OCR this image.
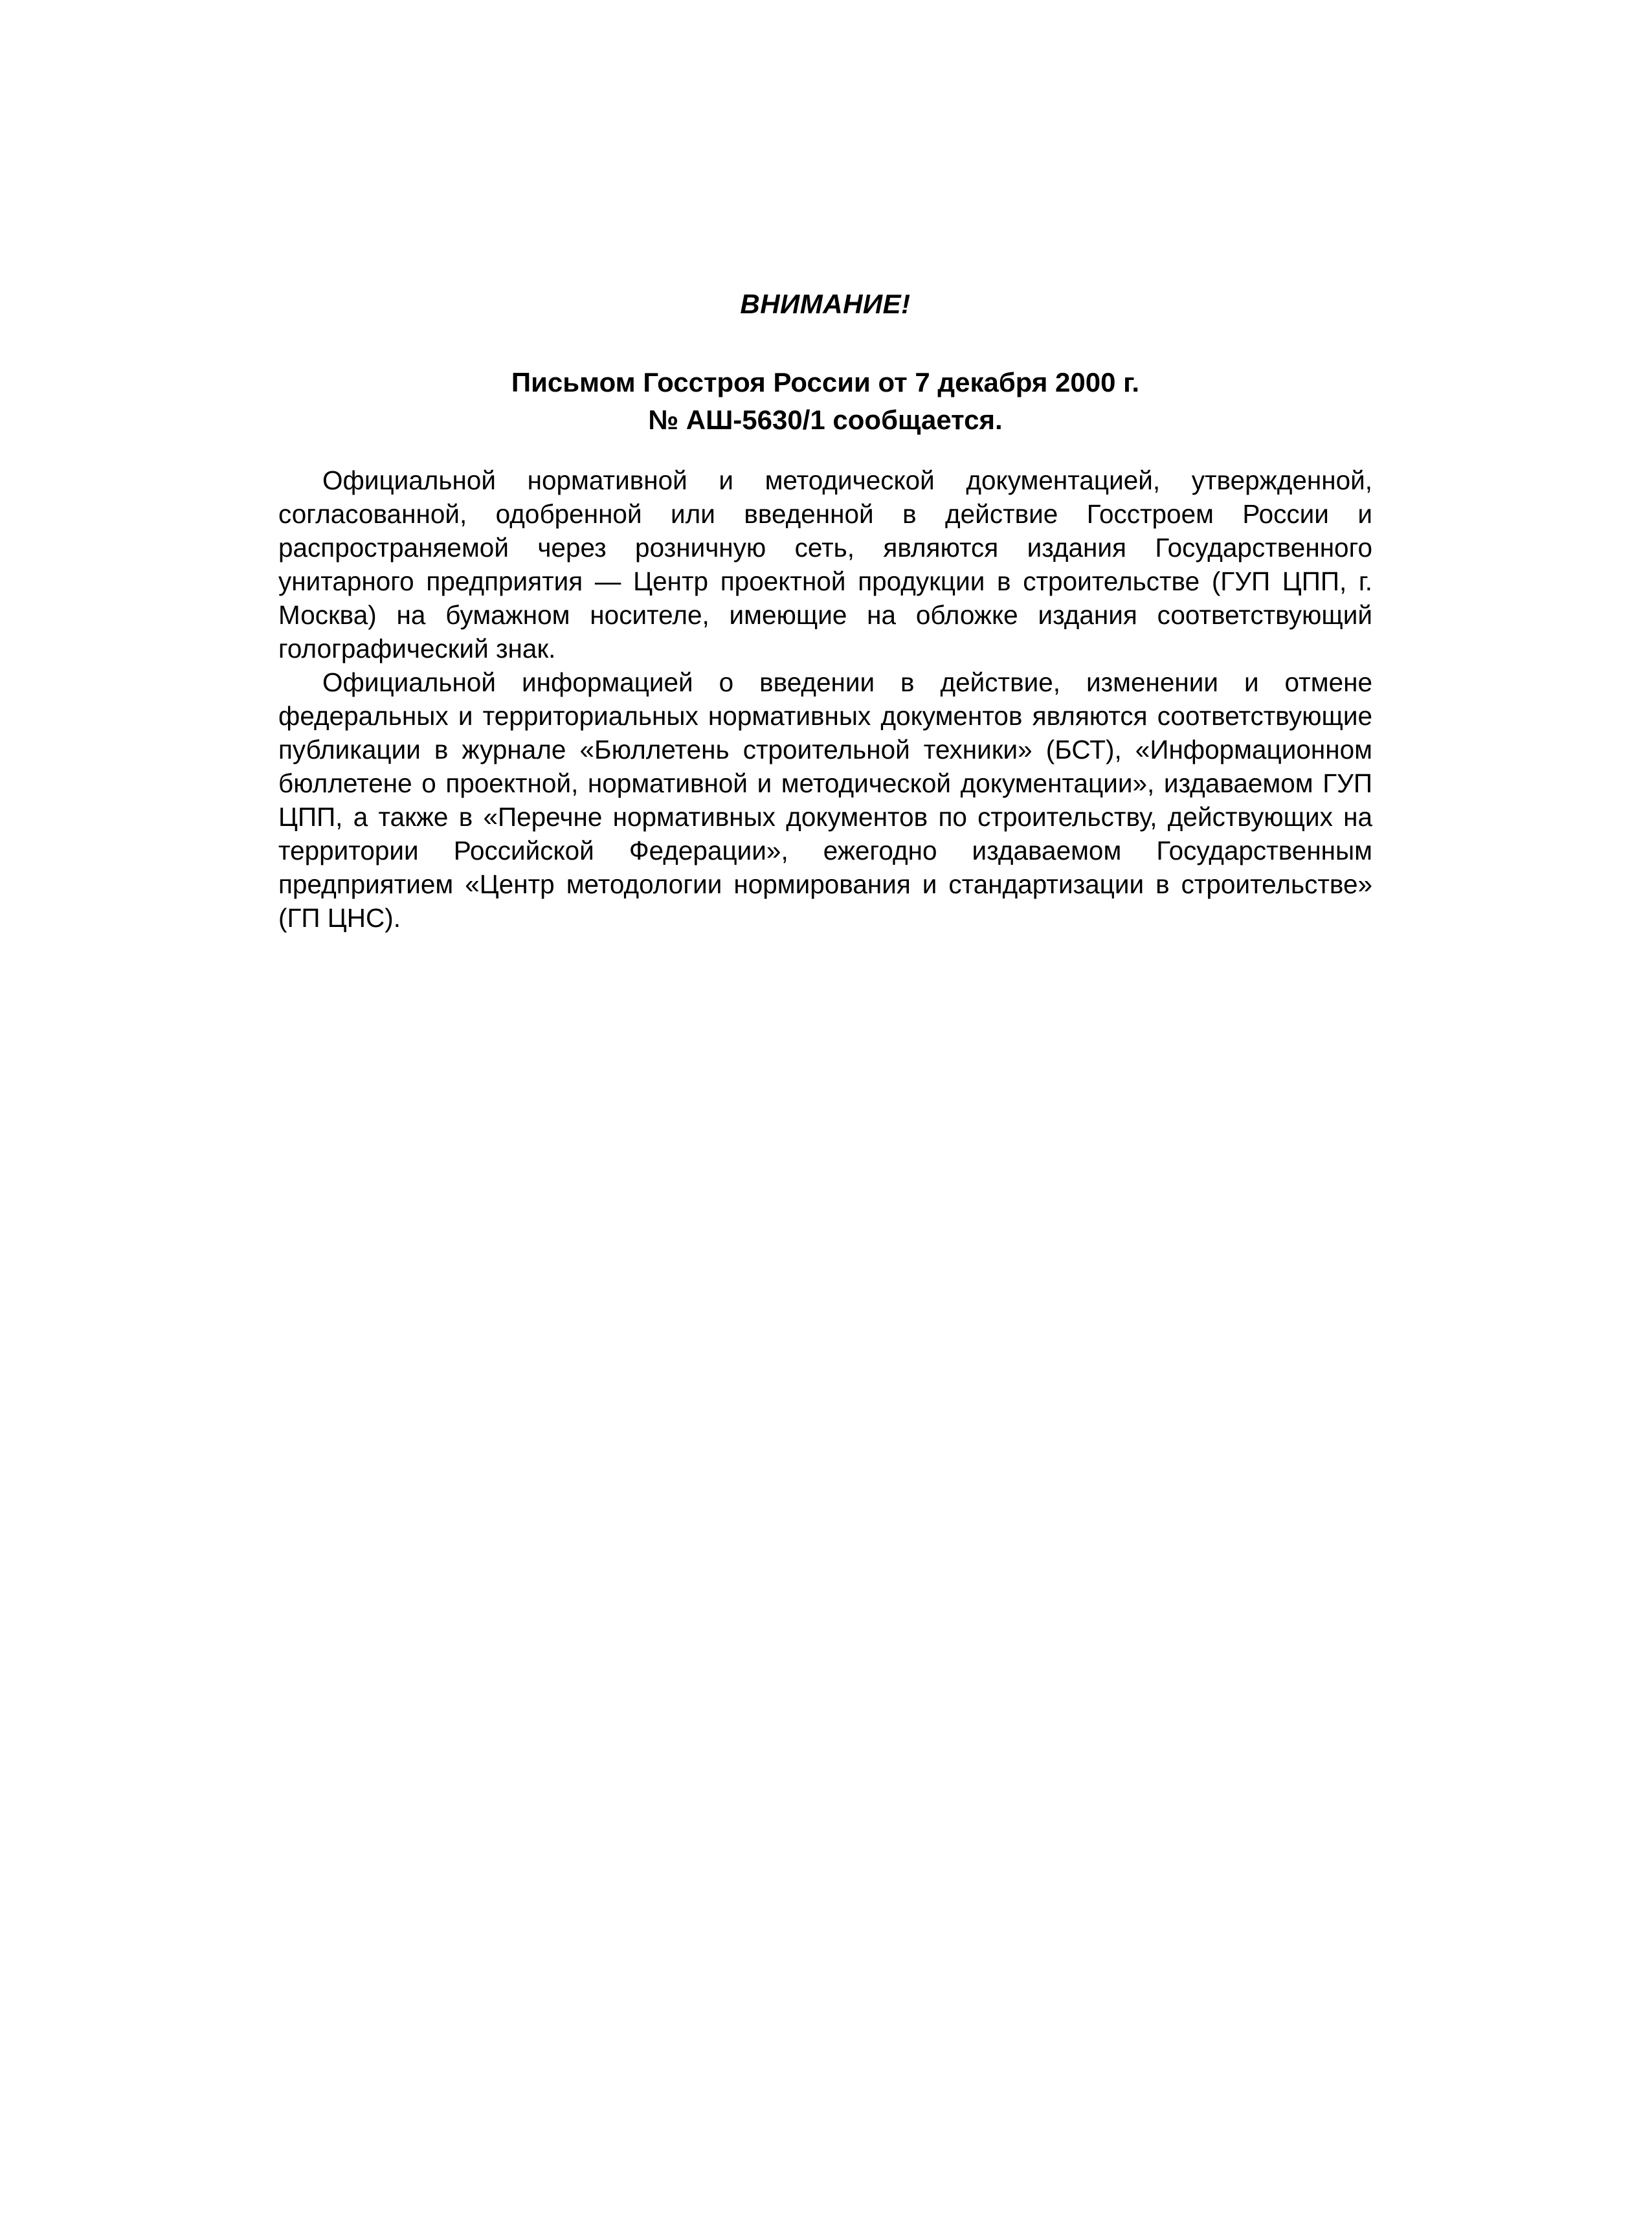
ВНИМАНИЕ!
Письмом Госстроя России от 7 декабря 2000 г.
№ АШ-5630/1 сообщается.

Официальной нормативной и методической документацией, утвержденной, согласованной, одобренной или введенной в действие Госстроем России и распространяемой через розничную сеть, являются издания Государственного унитарного предприятия — Центр проектной продукции в строительстве (ГУП ЦПП, г. Москва) на бумажном носителе, имеющие на обложке издания соответствующий голографический знак.

Официальной информацией о введении в действие, изменении и отмене федеральных и территориальных нормативных документов являются соответствующие публикации в журнале «Бюллетень строительной техники» (БСТ), «Информационном бюллетене о проектной, нормативной и методической документации», издаваемом ГУП ЦПП, а также в «Перечне нормативных документов по строительству, действующих на территории Российской Федерации», ежегодно издаваемом Государственным предприятием «Центр методологии нормирования и стандартизации в строительстве» (ГП ЦНС).
